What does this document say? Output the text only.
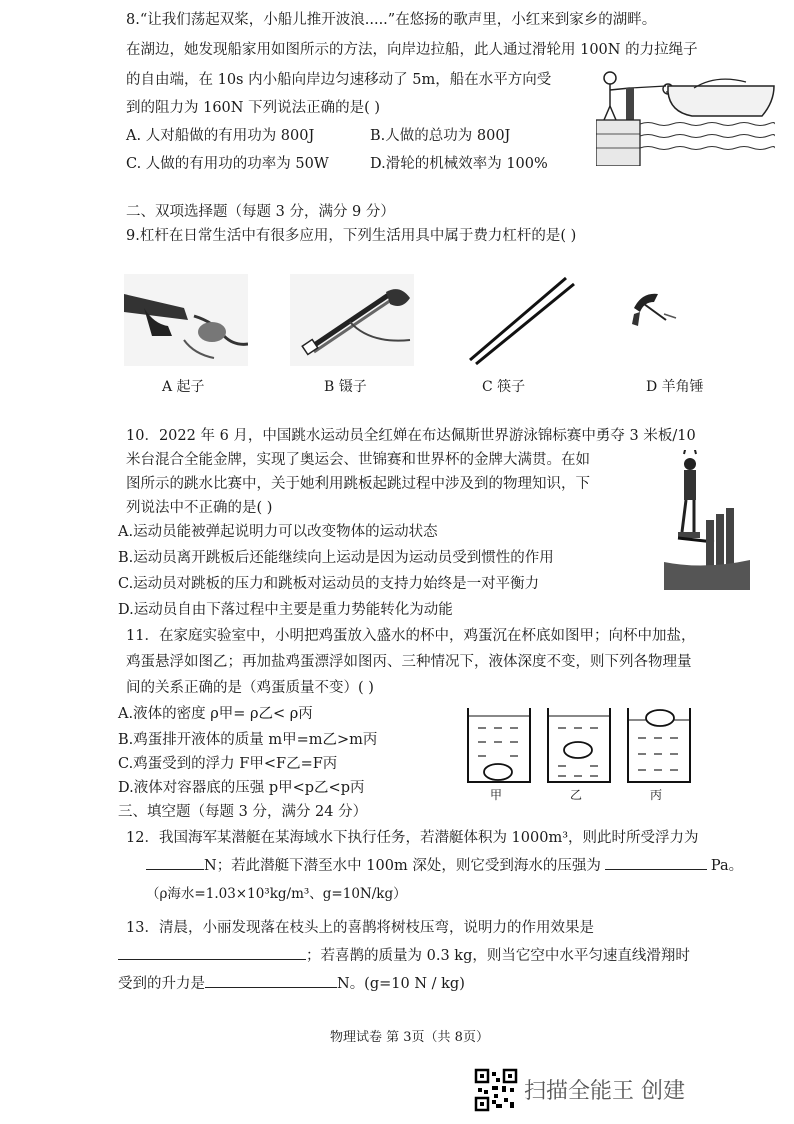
8.“让我们荡起双桨，小船儿推开波浪.....”在悠扬的歌声里，小红来到家乡的湖畔。
在湖边，她发现船家用如图所示的方法，向岸边拉船，此人通过滑轮用 100N 的力拉绳子
的自由端，在 10s 内小船向岸边匀速移动了 5m，船在水平方向受
到的阻力为 160N 下列说法正确的是( )
A. 人对船做的有用功为 800J	B.人做的总功为 800J
C. 人做的有用功的功率为 50W	D.滑轮的机械效率为 100%
二、双项选择题（每题 3 分，满分 9 分）
9.杠杆在日常生活中有很多应用，下列生活用具中属于费力杠杆的是( )
A 起子	B 镊子	C 筷子	D 羊角锤
10．2022 年 6 月，中国跳水运动员全红婵在布达佩斯世界游泳锦标赛中勇夺 3 米板/10
米台混合全能金牌，实现了奥运会、世锦赛和世界杯的金牌大满贯。在如
图所示的跳水比赛中，关于她利用跳板起跳过程中涉及到的物理知识，下
列说法中不正确的是( )
A.运动员能被弹起说明力可以改变物体的运动状态
B.运动员离开跳板后还能继续向上运动是因为运动员受到惯性的作用
C.运动员对跳板的压力和跳板对运动员的支持力始终是一对平衡力
D.运动员自由下落过程中主要是重力势能转化为动能
11．在家庭实验室中，小明把鸡蛋放入盛水的杯中，鸡蛋沉在杯底如图甲；向杯中加盐，
鸡蛋悬浮如图乙；再加盐鸡蛋漂浮如图丙、三种情况下，液体深度不变，则下列各物理量
间的关系正确的是（鸡蛋质量不变）( )
A.液体的密度 ρ甲= ρ乙< ρ丙
B.鸡蛋排开液体的质量 m甲=m乙>m丙
C.鸡蛋受到的浮力 F甲<F乙=F丙
D.液体对容器底的压强 p甲<p乙<p丙	甲	乙	丙
三、填空题（每题 3 分，满分 24 分）
12．我国海军某潜艇在某海域水下执行任务，若潜艇体积为 1000m³，则此时所受浮力为
N；若此潜艇下潜至水中 100m 深处，则它受到海水的压强为	Pa。
（ρ海水=1.03×10³kg/m³、g=10N/kg）
13．清晨，小丽发现落在枝头上的喜鹊将树枝压弯，说明力的作用效果是
；若喜鹊的质量为 0.3 kg，则当它空中水平匀速直线滑翔时
受到的升力是	N。(g=10 N / kg)
物理试卷 第 3页（共 8页）
扫描全能王 创建
